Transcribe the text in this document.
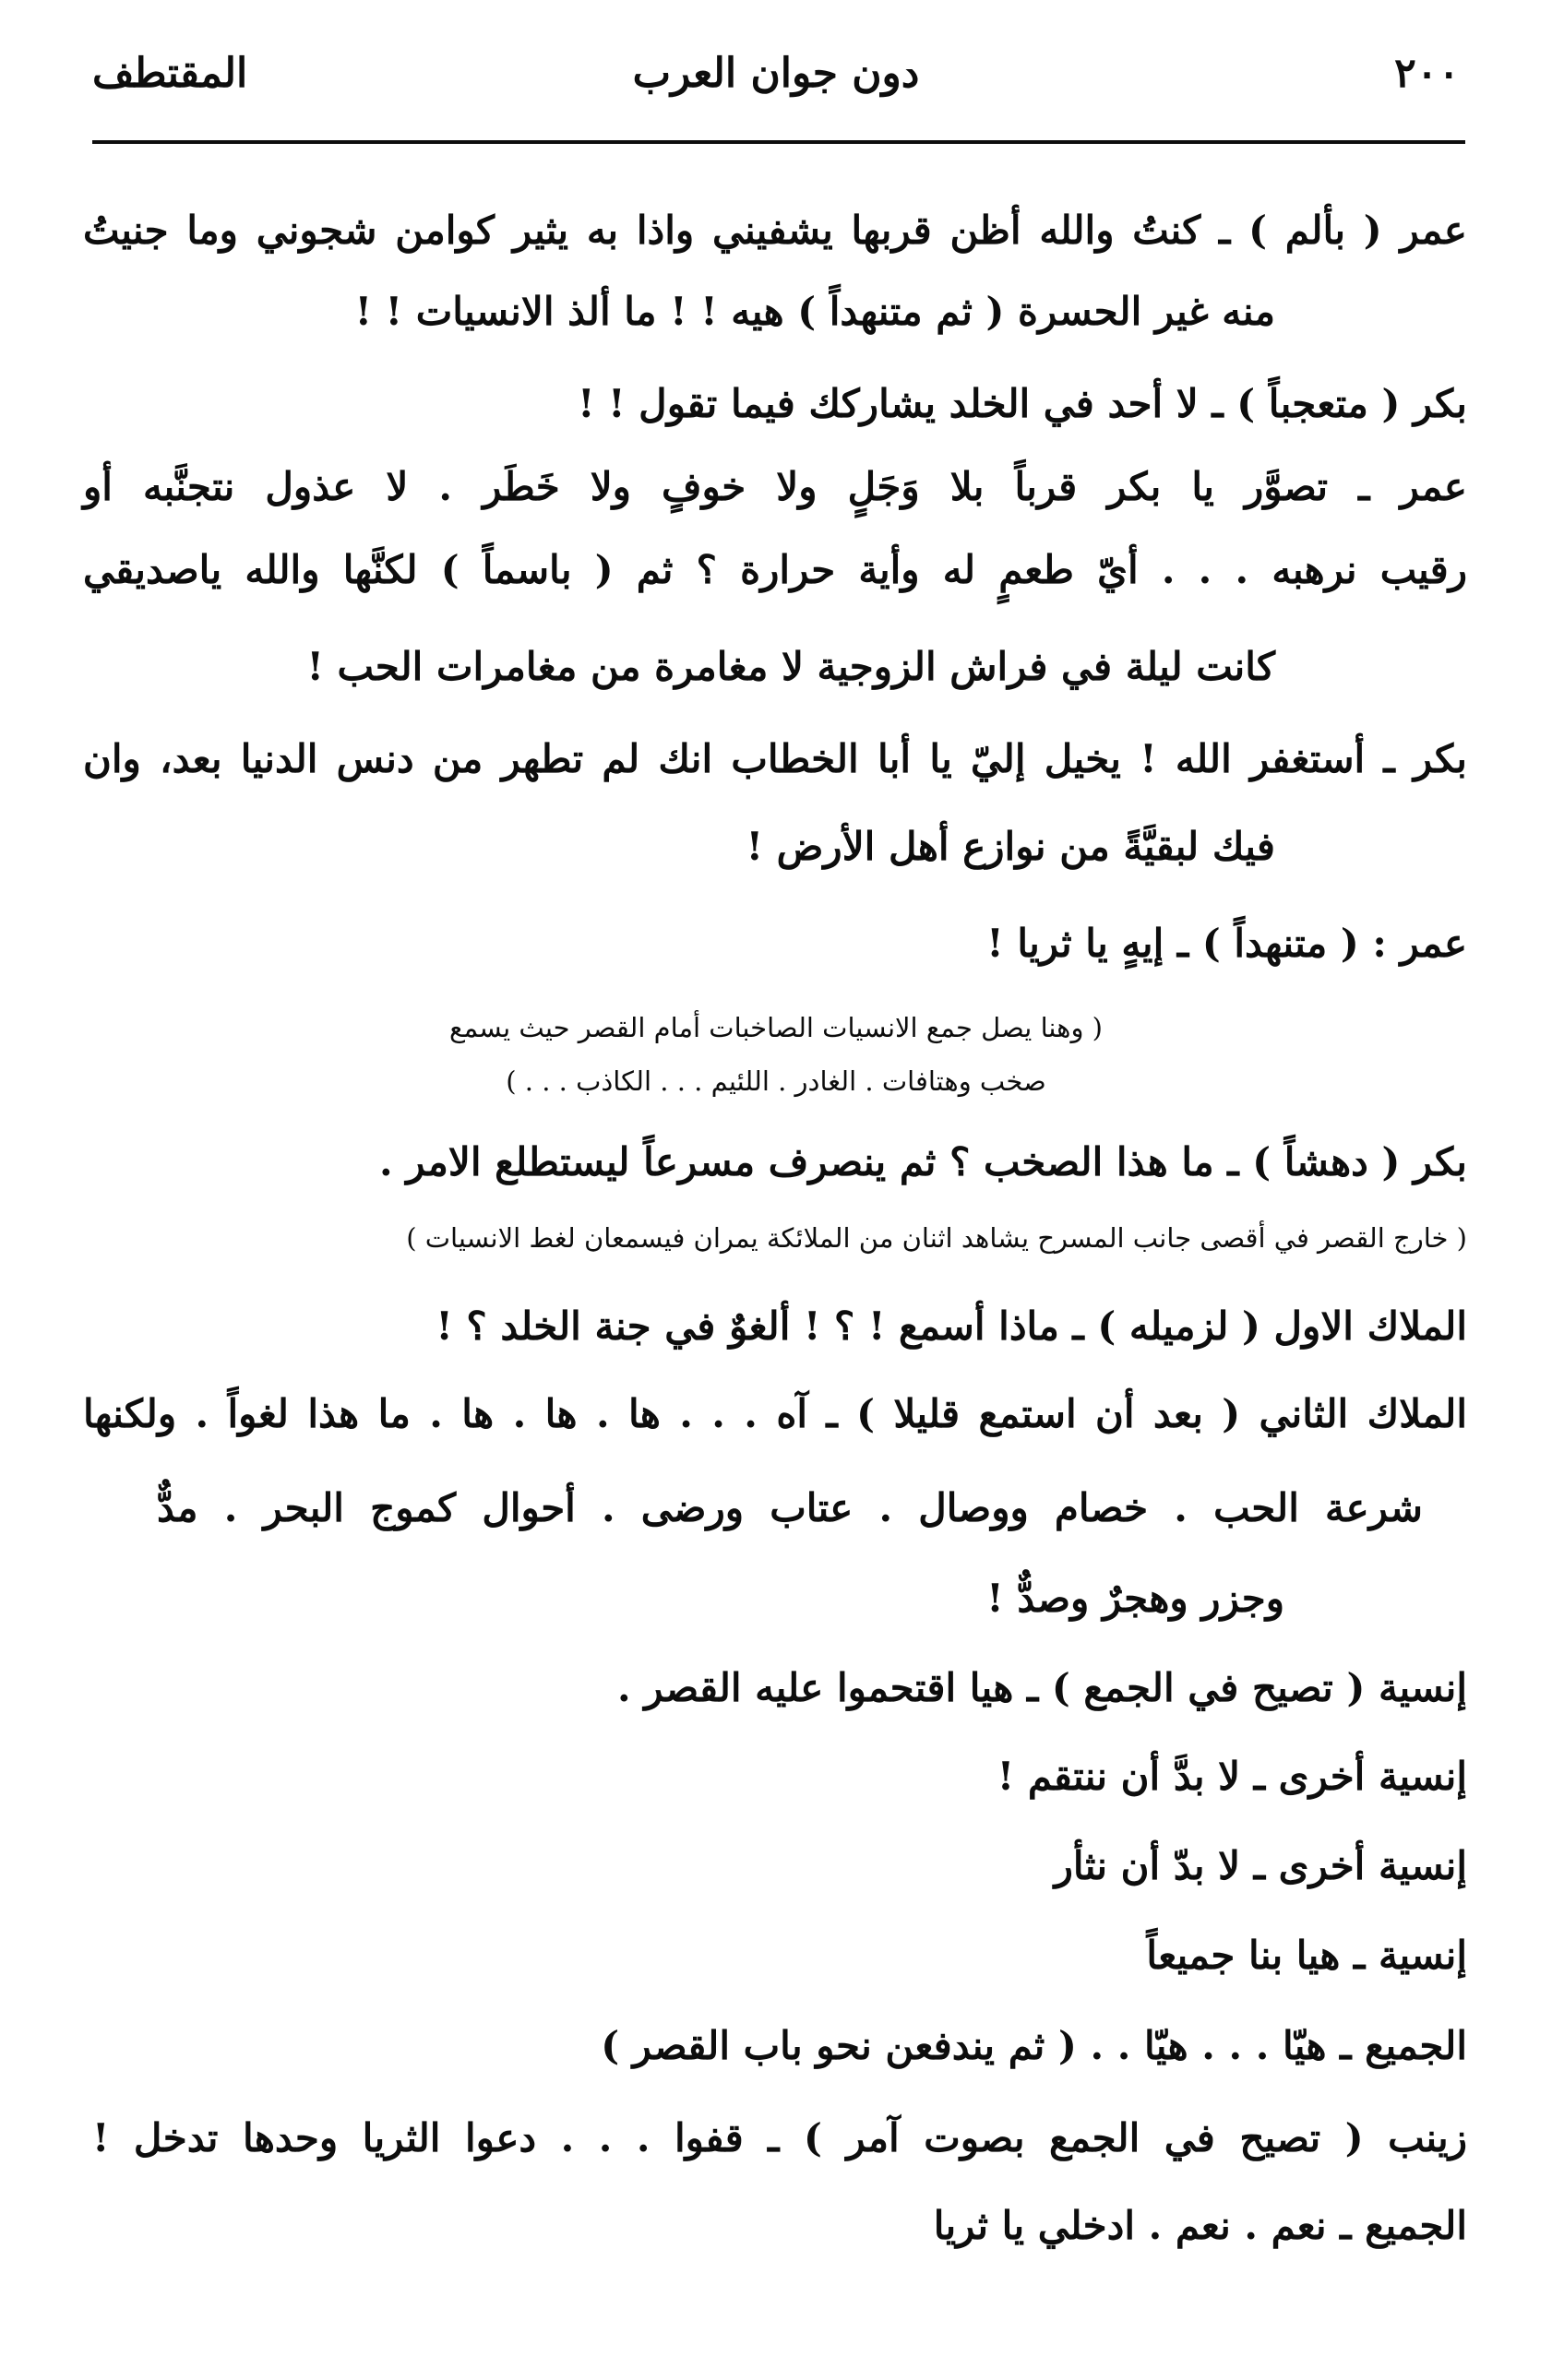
٢٠٠
دون جوان العرب
المقتطف
عمر ( بألم ) ـ كنتُ والله أظن قربها يشفيني واذا به يثير كوامن شجوني وما جنيتُ
منه غير الحسرة ( ثم متنهداً ) هيه ! ! ما ألذ الانسيات ! !
بكر ( متعجباً ) ـ لا أحد في الخلد يشاركك فيما تقول ! !
عمر ـ تصوَّر يا بكر قرباً بلا وَجَلٍ ولا خوفٍ ولا خَطَر . لا عذول نتجنَّبه أو
رقيب نرهبه . . . أيّ طعمٍ له وأية حرارة ؟ ثم ( باسماً ) لكنَّها والله ياصديقي
كانت ليلة في فراش الزوجية لا مغامرة من مغامرات الحب !
بكر ـ أستغفر الله ! يخيل إليّ يا أبا الخطاب انك لم تطهر من دنس الدنيا بعد، وان
فيك لبقيَّةً من نوازع أهل الأرض !
عمر : ( متنهداً ) ـ إيهٍ يا ثريا !
( وهنا يصل جمع الانسيات الصاخبات أمام القصر حيث يسمع
صخب وهتافات . الغادر . اللئيم . . . الكاذب . . . )
بكر ( دهشاً ) ـ ما هذا الصخب ؟ ثم ينصرف مسرعاً ليستطلع الامر .
( خارج القصر في أقصى جانب المسرح يشاهد اثنان من الملائكة يمران فيسمعان لغط الانسيات )
الملاك الاول ( لزميله ) ـ ماذا أسمع ! ؟ ! ألغوٌ في جنة الخلد ؟ !
الملاك الثاني ( بعد أن استمع قليلا ) ـ آه . . . ها . ها . ها . ما هذا لغواً . ولكنها
شرعة الحب . خصام ووصال . عتاب ورضى . أحوال كموج البحر . مدٌّ
وجزر وهجرٌ وصدٌّ !
إنسية ( تصيح في الجمع ) ـ هيا اقتحموا عليه القصر .
إنسية أخرى ـ لا بدَّ أن ننتقم !
إنسية أخرى ـ لا بدّ أن نثأر
إنسية ـ هيا بنا جميعاً
الجميع ـ هيّا . . . هيّا . . ( ثم يندفعن نحو باب القصر )
زينب ( تصيح في الجمع بصوت آمر ) ـ قفوا . . . دعوا الثريا وحدها تدخل !
الجميع ـ نعم . نعم . ادخلي يا ثريا
